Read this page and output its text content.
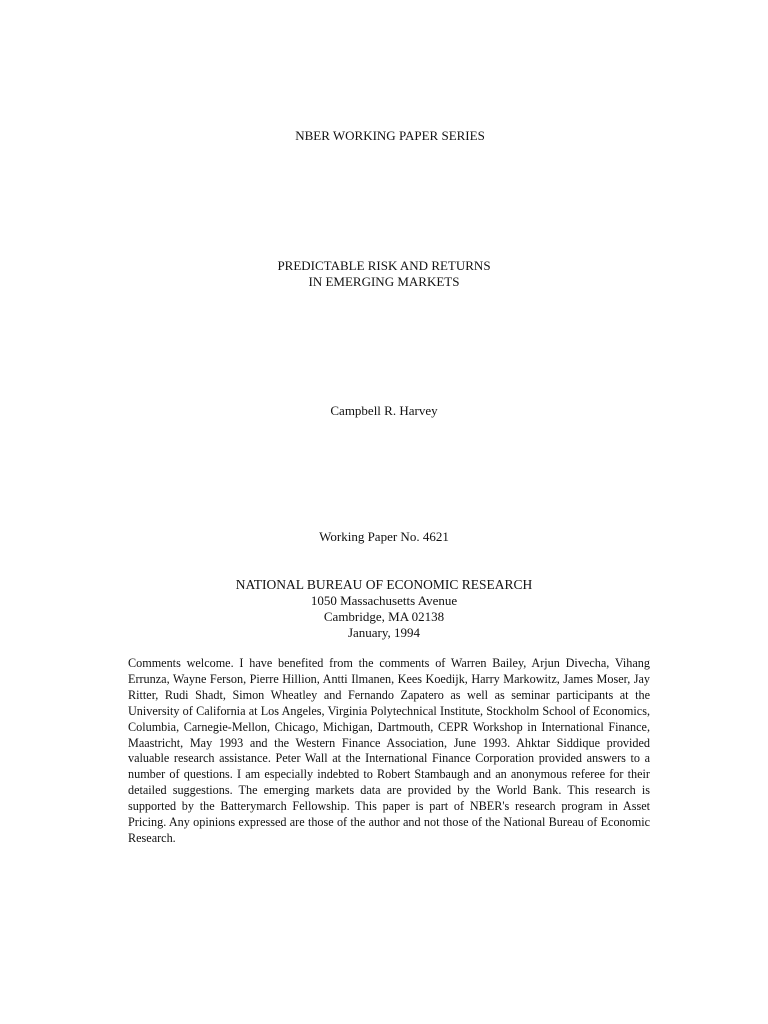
NBER WORKING PAPER SERIES
PREDICTABLE RISK AND RETURNS
IN EMERGING MARKETS
Campbell R. Harvey
Working Paper No. 4621
NATIONAL BUREAU OF ECONOMIC RESEARCH
1050 Massachusetts Avenue
Cambridge, MA 02138
January, 1994
Comments welcome. I have benefited from the comments of Warren Bailey, Arjun Divecha, Vihang Errunza, Wayne Ferson, Pierre Hillion, Antti Ilmanen, Kees Koedijk, Harry Markowitz, James Moser, Jay Ritter, Rudi Shadt, Simon Wheatley and Fernando Zapatero as well as seminar participants at the University of California at Los Angeles, Virginia Polytechnical Institute, Stockholm School of Economics, Columbia, Carnegie-Mellon, Chicago, Michigan, Dartmouth, CEPR Workshop in International Finance, Maastricht, May 1993 and the Western Finance Association, June 1993. Ahktar Siddique provided valuable research assistance. Peter Wall at the International Finance Corporation provided answers to a number of questions. I am especially indebted to Robert Stambaugh and an anonymous referee for their detailed suggestions. The emerging markets data are provided by the World Bank. This research is supported by the Batterymarch Fellowship. This paper is part of NBER's research program in Asset Pricing. Any opinions expressed are those of the author and not those of the National Bureau of Economic Research.
